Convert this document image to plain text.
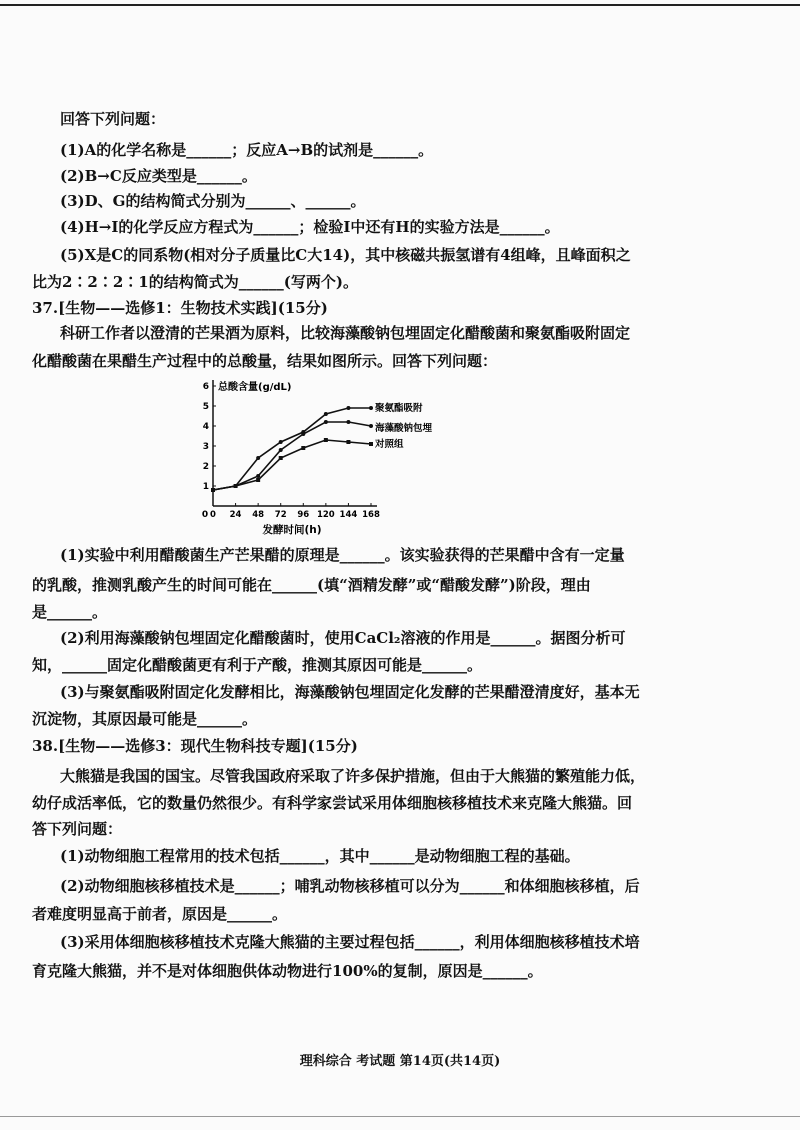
回答下列问题：
(1)A的化学名称是______；反应A→B的试剂是______。
(2)B→C反应类型是______。
(3)D、G的结构简式分别为______、______。
(4)H→I的化学反应方程式为______；检验I中还有H的实验方法是______。
(5)X是C的同系物(相对分子质量比C大14)，其中核磁共振氢谱有4组峰，且峰面积之
比为2∶2∶2∶1的结构简式为______(写两个)。
37.[生物——选修1：生物技术实践](15分)
科研工作者以澄清的芒果酒为原料，比较海藻酸钠包埋固定化醋酸菌和聚氨酯吸附固定
化醋酸菌在果醋生产过程中的总酸量，结果如图所示。回答下列问题：
0 24 48 72 96 120 144 168
1
2
3
4
5
6
0
总酸含量(g/dL)
发酵时间(h)
聚氨酯吸附
海藻酸钠包埋
对照组
(1)实验中利用醋酸菌生产芒果醋的原理是______。该实验获得的芒果醋中含有一定量
的乳酸，推测乳酸产生的时间可能在______(填“酒精发酵”或“醋酸发酵”)阶段，理由
是______。
(2)利用海藻酸钠包埋固定化醋酸菌时，使用CaCl₂溶液的作用是______。据图分析可
知，______固定化醋酸菌更有利于产酸，推测其原因可能是______。
(3)与聚氨酯吸附固定化发酵相比，海藻酸钠包埋固定化发酵的芒果醋澄清度好，基本无
沉淀物，其原因最可能是______。
38.[生物——选修3：现代生物科技专题](15分)
大熊猫是我国的国宝。尽管我国政府采取了许多保护措施，但由于大熊猫的繁殖能力低，
幼仔成活率低，它的数量仍然很少。有科学家尝试采用体细胞核移植技术来克隆大熊猫。回
答下列问题：
(1)动物细胞工程常用的技术包括______，其中______是动物细胞工程的基础。
(2)动物细胞核移植技术是______；哺乳动物核移植可以分为______和体细胞核移植，后
者难度明显高于前者，原因是______。
(3)采用体细胞核移植技术克隆大熊猫的主要过程包括______，利用体细胞核移植技术培
育克隆大熊猫，并不是对体细胞供体动物进行100%的复制，原因是______。
理科综合 考试题 第14页(共14页)
